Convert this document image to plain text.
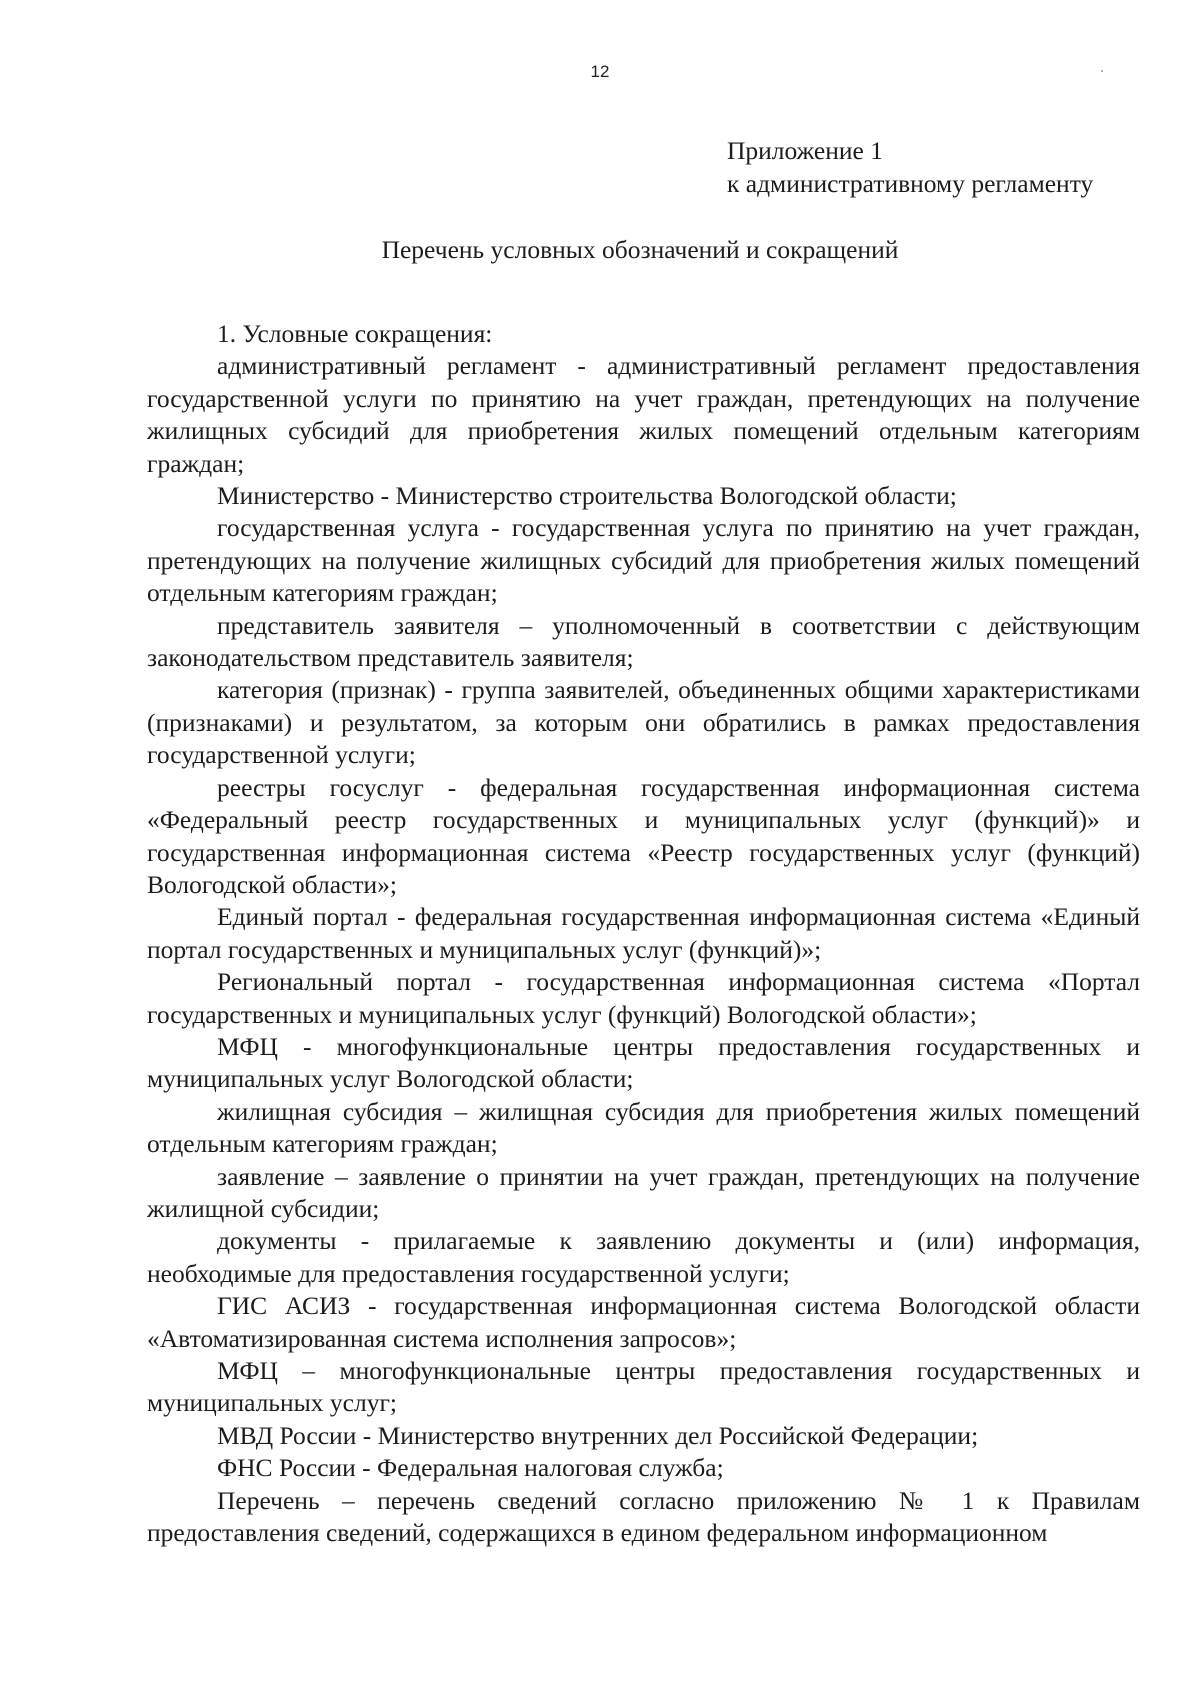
12
Приложение 1
к административному регламенту
Перечень условных обозначений и сокращений

1. Условные сокращения:

административный регламент - административный регламент предоставления государственной услуги по принятию на учет граждан, претендующих на получение жилищных субсидий для приобретения жилых помещений отдельным категориям граждан;

Министерство - Министерство строительства Вологодской области;

государственная услуга - государственная услуга по принятию на учет граждан, претендующих на получение жилищных субсидий для приобретения жилых помещений отдельным категориям граждан;

представитель заявителя – уполномоченный в соответствии с действующим законодательством представитель заявителя;

категория (признак) - группа заявителей, объединенных общими характеристиками (признаками) и результатом, за которым они обратились в рамках предоставления государственной услуги;

реестры госуслуг - федеральная государственная информационная система «Федеральный реестр государственных и муниципальных услуг (функций)» и государственная информационная система «Реестр государственных услуг (функций) Вологодской области»;

Единый портал - федеральная государственная информационная система «Единый портал государственных и муниципальных услуг (функций)»;

Региональный портал - государственная информационная система «Портал государственных и муниципальных услуг (функций) Вологодской области»;

МФЦ - многофункциональные центры предоставления государственных и муниципальных услуг Вологодской области;

жилищная субсидия – жилищная субсидия для приобретения жилых помещений отдельным категориям граждан;

заявление – заявление о принятии на учет граждан, претендующих на получение жилищной субсидии;

документы - прилагаемые к заявлению документы и (или) информация, необходимые для предоставления государственной услуги;

ГИС АСИЗ - государственная информационная система Вологодской области «Автоматизированная система исполнения запросов»;

МФЦ – многофункциональные центры предоставления государственных и муниципальных услуг;

МВД России - Министерство внутренних дел Российской Федерации;

ФНС России - Федеральная налоговая служба;

Перечень – перечень сведений согласно приложению № 1 к Правилам предоставления сведений, содержащихся в едином федеральном информационном
